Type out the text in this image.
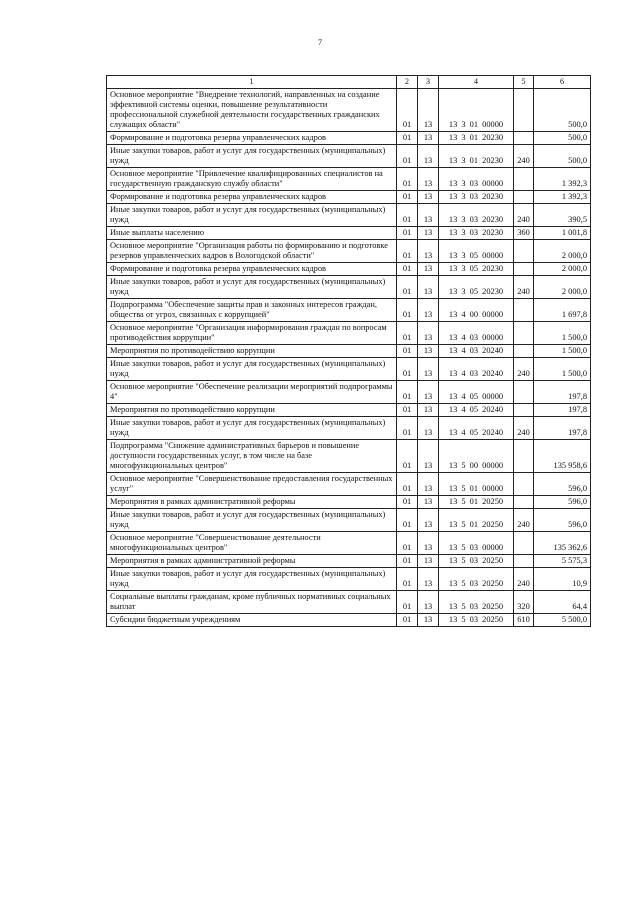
7
1	2	3	4	5	6
Основное мероприятие "Внедрение технологий, направленных на создание эффективной системы оценки, повышение результативности профессиональной служебной деятельности государственных гражданских служащих области"	01	13	13 3 01 00000		500,0
Формирование и подготовка резерва управленческих кадров	01	13	13 3 01 20230		500,0
Иные закупки товаров, работ и услуг для государственных (муниципальных) нужд	01	13	13 3 01 20230	240	500,0
Основное мероприятие "Привлечение квалифицированных специалистов на государственную гражданскую службу области"	01	13	13 3 03 00000		1 392,3
Формирование и подготовка резерва управленческих кадров	01	13	13 3 03 20230		1 392,3
Иные закупки товаров, работ и услуг для государственных (муниципальных) нужд	01	13	13 3 03 20230	240	390,5
Иные выплаты населению	01	13	13 3 03 20230	360	1 001,8
Основное мероприятие "Организация работы по формированию и подготовке резервов управленческих кадров в Вологодской области"	01	13	13 3 05 00000		2 000,0
Формирование и подготовка резерва управленческих кадров	01	13	13 3 05 20230		2 000,0
Иные закупки товаров, работ и услуг для государственных (муниципальных) нужд	01	13	13 3 05 20230	240	2 000,0
Подпрограмма "Обеспечение защиты прав и законных интересов граждан, общества от угроз, связанных с коррупцией"	01	13	13 4 00 00000		1 697,8
Основное мероприятие "Организация информирования граждан по вопросам противодействия коррупции"	01	13	13 4 03 00000		1 500,0
Мероприятия по противодействию коррупции	01	13	13 4 03 20240		1 500,0
Иные закупки товаров, работ и услуг для государственных (муниципальных) нужд	01	13	13 4 03 20240	240	1 500,0
Основное мероприятие "Обеспечение реализации мероприятий подпрограммы 4"	01	13	13 4 05 00000		197,8
Мероприятия по противодействию коррупции	01	13	13 4 05 20240		197,8
Иные закупки товаров, работ и услуг для государственных (муниципальных) нужд	01	13	13 4 05 20240	240	197,8
Подпрограмма "Снижение административных барьеров и повышение доступности государственных услуг, в том числе на базе многофункциональных центров"	01	13	13 5 00 00000		135 958,6
Основное мероприятие "Совершенствование предоставления государственных услуг"	01	13	13 5 01 00000		596,0
Мероприятия в рамках административной реформы	01	13	13 5 01 20250		596,0
Иные закупки товаров, работ и услуг для государственных (муниципальных) нужд	01	13	13 5 01 20250	240	596,0
Основное мероприятие "Совершенствование деятельности многофункциональных центров"	01	13	13 5 03 00000		135 362,6
Мероприятия в рамках административной реформы	01	13	13 5 03 20250		5 575,3
Иные закупки товаров, работ и услуг для государственных (муниципальных) нужд	01	13	13 5 03 20250	240	10,9
Социальные выплаты гражданам, кроме публичных нормативных социальных выплат	01	13	13 5 03 20250	320	64,4
Субсидии бюджетным учреждениям	01	13	13 5 03 20250	610	5 500,0
